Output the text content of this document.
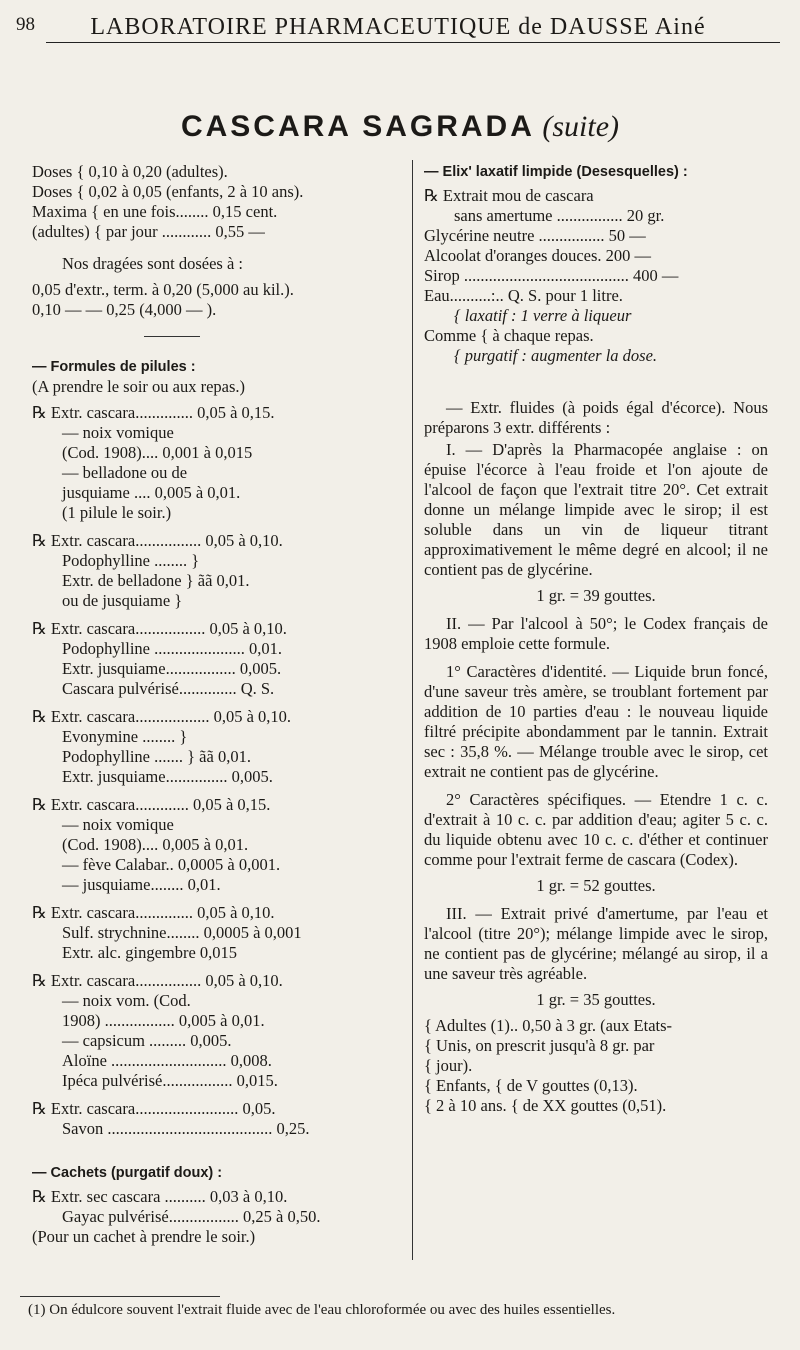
98	LABORATOIRE PHARMACEUTIQUE de DAUSSE Ainé
CASCARA SAGRADA (suite)
Doses { 0,10 à 0,20 (adultes).
Doses { 0,02 à 0,05 (enfants, 2 à 10 ans).
Maxima { en une fois........ 0,15 cent.
(adultes) { par jour ............ 0,55 —
Nos dragées sont dosées à :
0,05 d'extr., term. à 0,20 (5,000 au kil.).
0,10 — — 0,25 (4,000 — ).
— Formules de pilules :
(A prendre le soir ou aux repas.)
℞ Extr. cascara.............. 0,05 à 0,15.
— noix vomique
(Cod. 1908).... 0,001 à 0,015
— belladone ou de
jusquiame .... 0,005 à 0,01.
(1 pilule le soir.)
℞ Extr. cascara................ 0,05 à 0,10.
Podophylline ........ }
Extr. de belladone } ãã 0,01.
ou de jusquiame }
℞ Extr. cascara................. 0,05 à 0,10.
Podophylline ...................... 0,01.
Extr. jusquiame................. 0,005.
Cascara pulvérisé.............. Q. S.
℞ Extr. cascara.................. 0,05 à 0,10.
Evonymine ........ }
Podophylline ....... } ãã 0,01.
Extr. jusquiame............... 0,005.
℞ Extr. cascara............. 0,05 à 0,15.
— noix vomique
(Cod. 1908).... 0,005 à 0,01.
— fève Calabar.. 0,0005 à 0,001.
— jusquiame........ 0,01.
℞ Extr. cascara.............. 0,05 à 0,10.
Sulf. strychnine........ 0,0005 à 0,001
Extr. alc. gingembre 0,015
℞ Extr. cascara................ 0,05 à 0,10.
— noix vom. (Cod.
1908) ................. 0,005 à 0,01.
— capsicum ......... 0,005.
Aloïne ............................ 0,008.
Ipéca pulvérisé................. 0,015.
℞ Extr. cascara......................... 0,05.
Savon ........................................ 0,25.
— Cachets (purgatif doux) :
℞ Extr. sec cascara .......... 0,03 à 0,10.
Gayac pulvérisé................. 0,25 à 0,50.
(Pour un cachet à prendre le soir.)
— Elix' laxatif limpide (Desesquelles) :
℞ Extrait mou de cascara
sans amertume ................ 20 gr.
Glycérine neutre ................ 50 —
Alcoolat d'oranges douces. 200 —
Sirop ........................................ 400 —
Eau..........:.. Q. S. pour 1 litre.
{ laxatif : 1 verre à liqueur
Comme { à chaque repas.
{ purgatif : augmenter la dose.

— Extr. fluides (à poids égal d'écorce). Nous préparons 3 extr. différents :

I. — D'après la Pharmacopée anglaise : on épuise l'écorce à l'eau froide et l'on ajoute de l'alcool de façon que l'extrait titre 20°. Cet extrait donne un mélange limpide avec le sirop; il est soluble dans un vin de liqueur titrant approximativement le même degré en alcool; il ne contient pas de glycérine.

1 gr. = 39 gouttes.

II. — Par l'alcool à 50°; le Codex français de 1908 emploie cette formule.

1° Caractères d'identité. — Liquide brun foncé, d'une saveur très amère, se troublant fortement par addition de 10 parties d'eau : le nouveau liquide filtré précipite abondamment par le tannin. Extrait sec : 35,8 %. — Mélange trouble avec le sirop, cet extrait ne contient pas de glycérine.

2° Caractères spécifiques. — Etendre 1 c. c. d'extrait à 10 c. c. par addition d'eau; agiter 5 c. c. du liquide obtenu avec 10 c. c. d'éther et continuer comme pour l'extrait ferme de cascara (Codex).

1 gr. = 52 gouttes.

III. — Extrait privé d'amertume, par l'eau et l'alcool (titre 20°); mélange limpide avec le sirop, ne contient pas de glycérine; mélangé au sirop, il a une saveur très agréable.

1 gr. = 35 gouttes.
{ Adultes (1).. 0,50 à 3 gr. (aux Etats-
{ Unis, on prescrit jusqu'à 8 gr. par
{ jour).
{ Enfants, { de V gouttes (0,13).
{ 2 à 10 ans. { de XX gouttes (0,51).
(1) On édulcore souvent l'extrait fluide avec de l'eau chloroformée ou avec des huiles essentielles.
